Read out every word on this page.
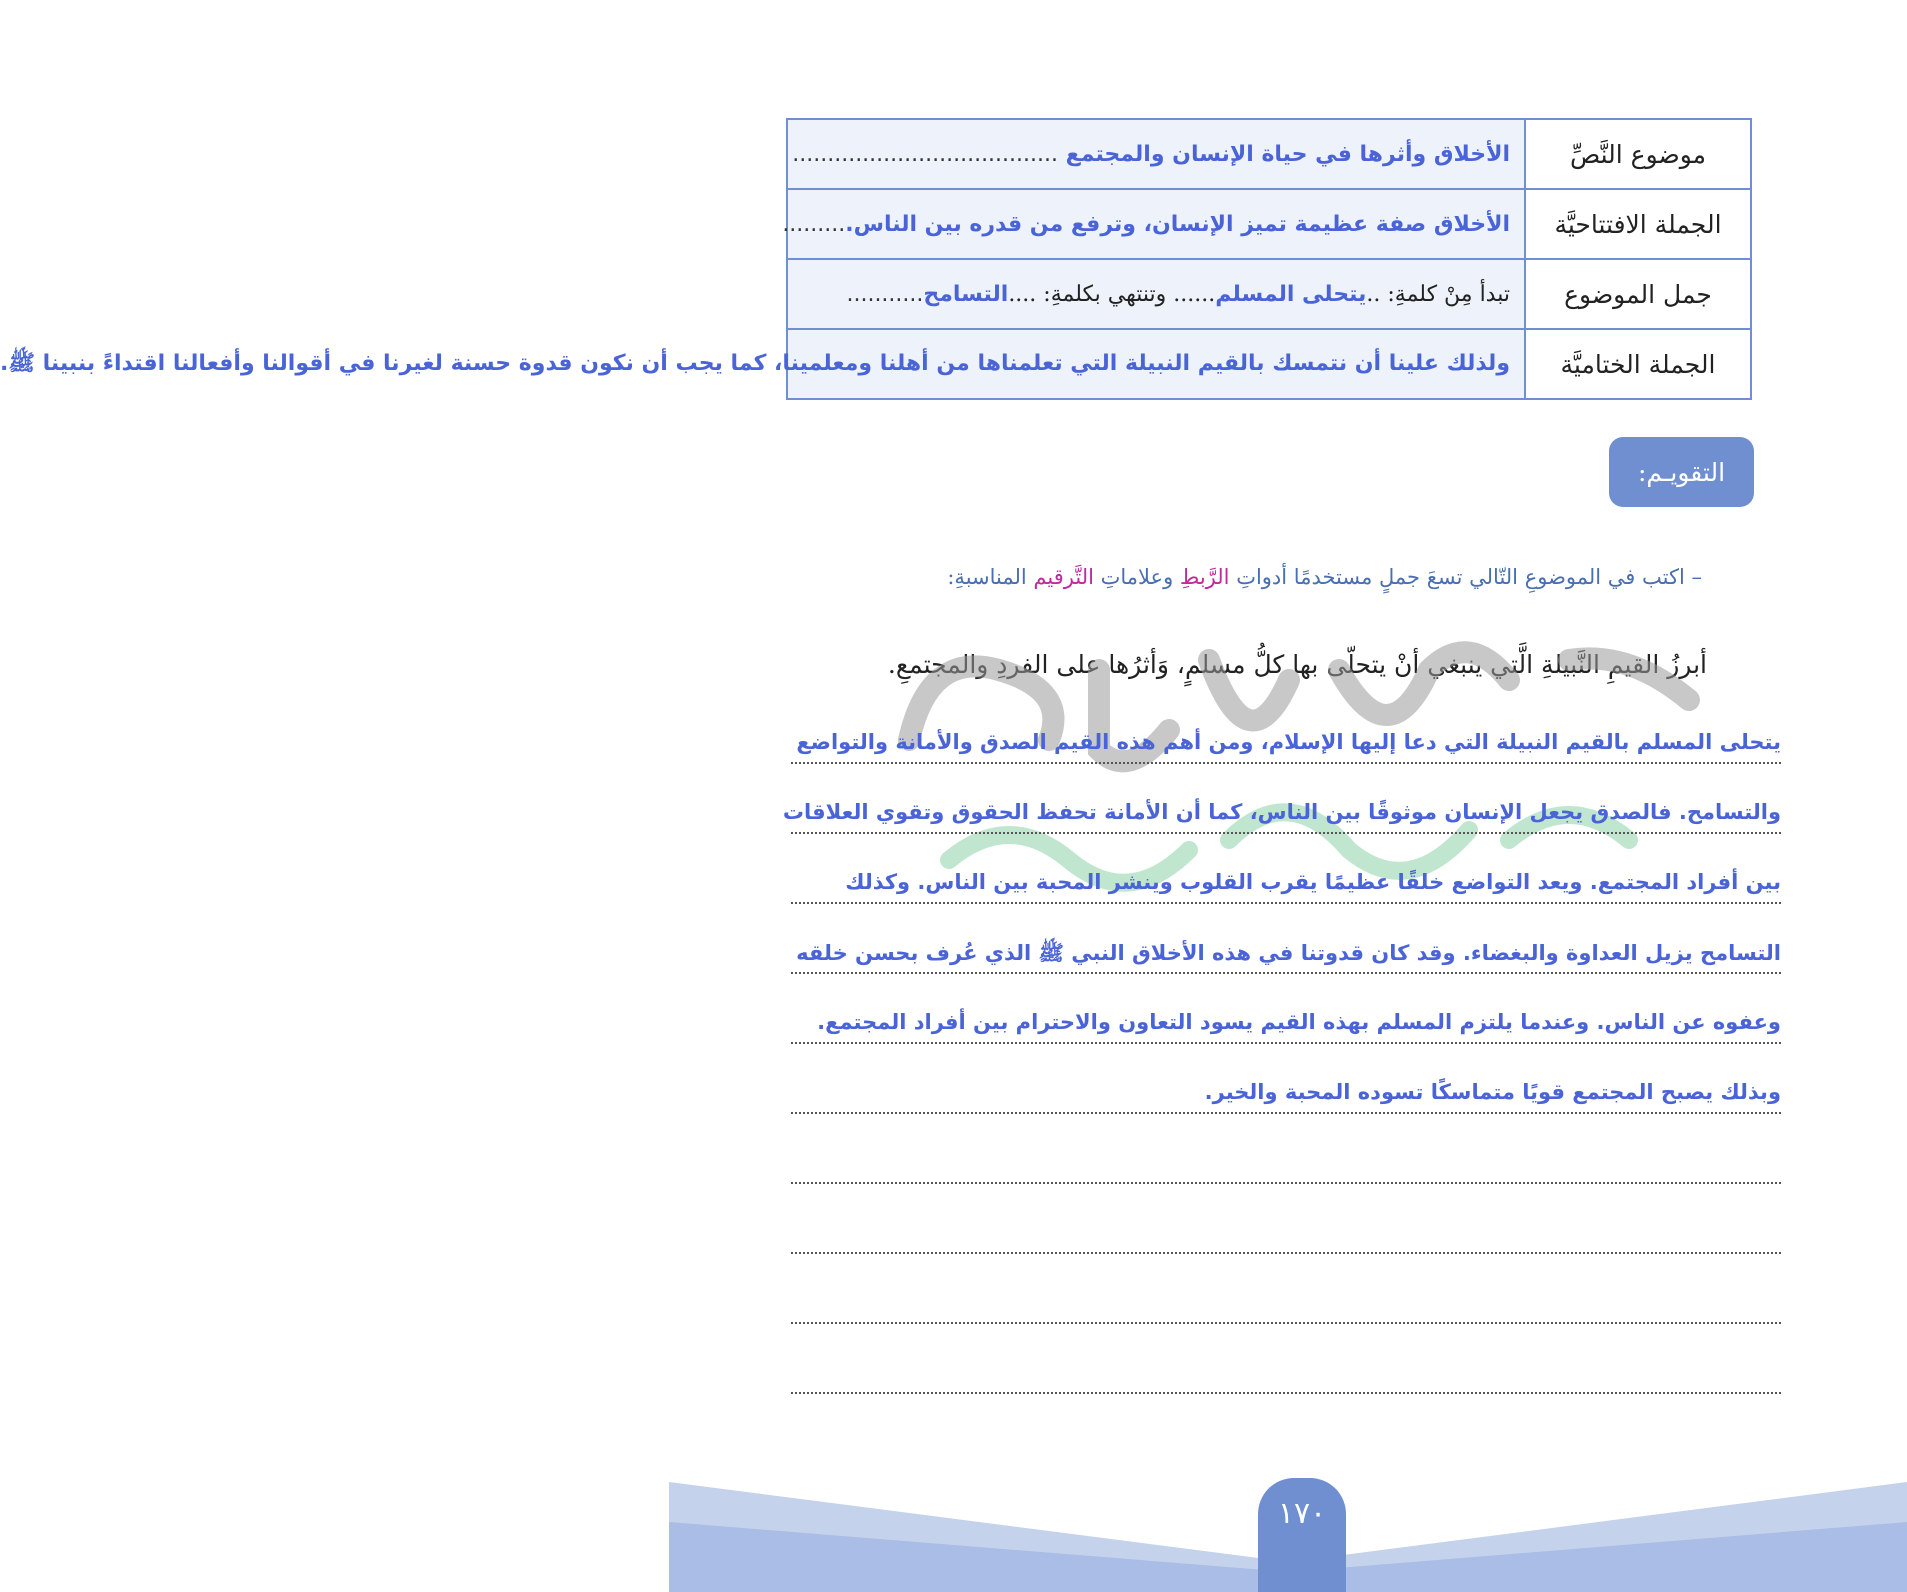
موضوع النَّصِّ	الأخلاق وأثرها في حياة الإنسان والمجتمع ......................................
الجملة الافتتاحيَّة	الأخلاق صفة عظيمة تميز الإنسان، وترفع من قدره بين الناس..........
جمل الموضوع	تبدأ مِنْ كلمةِ: ..يتحلى المسلم...... وتنتهي بكلمةِ: ....التسامح...........
الجملة الختاميَّة	ولذلك علينا أن نتمسك بالقيم النبيلة التي تعلمناها من أهلنا ومعلمينا، كما يجب أن نكون قدوة حسنة لغيرنا في أقوالنا وأفعالنا اقتداءً بنبينا ﷺ.
التقويـم:
– اكتب في الموضوعِ التّالي تسعَ جملٍ مستخدمًا أدواتِ الرَّبطِ وعلاماتِ التَّرقيم المناسبةِ:
أبرزُ القيمِ النَّبيلةِ الَّتي ينبغي أنْ يتحلّى بها كلُّ مسلمٍ، وَأثرُها على الفردِ والمجتمعِ.
يتحلى المسلم بالقيم النبيلة التي دعا إليها الإسلام، ومن أهم هذه القيم الصدق والأمانة والتواضع
والتسامح. فالصدق يجعل الإنسان موثوقًا بين الناس، كما أن الأمانة تحفظ الحقوق وتقوي العلاقات
بين أفراد المجتمع. ويعد التواضع خلقًا عظيمًا يقرب القلوب وينشر المحبة بين الناس. وكذلك
التسامح يزيل العداوة والبغضاء. وقد كان قدوتنا في هذه الأخلاق النبي ﷺ الذي عُرف بحسن خلقه
وعفوه عن الناس. وعندما يلتزم المسلم بهذه القيم يسود التعاون والاحترام بين أفراد المجتمع.
وبذلك يصبح المجتمع قويًا متماسكًا تسوده المحبة والخير.
١٧٠
